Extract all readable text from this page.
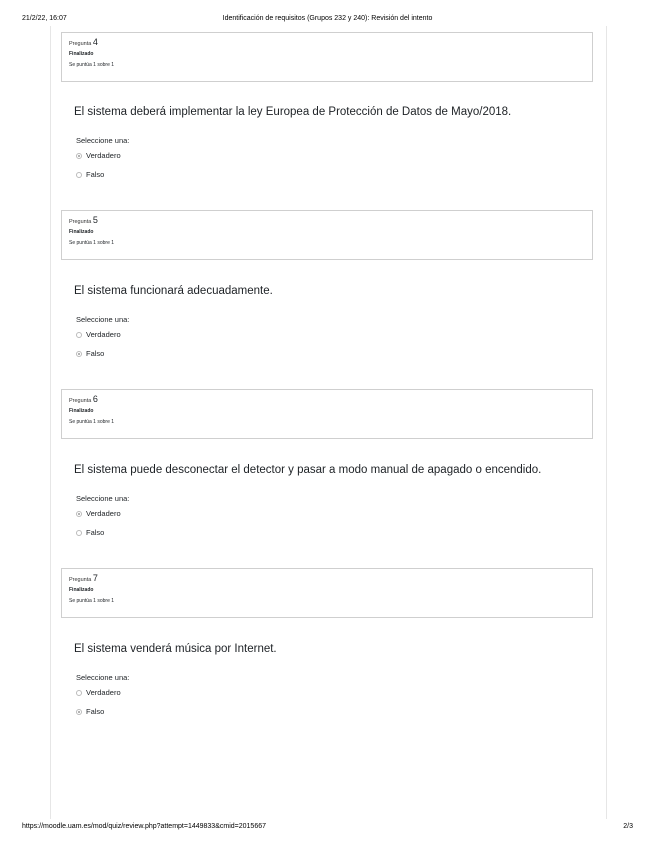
21/2/22, 16:07	Identificación de requisitos (Grupos 232 y 240): Revisión del intento
Pregunta 4
Finalizado
Se puntúa 1 sobre 1
El sistema deberá implementar la ley Europea de Protección de Datos de Mayo/2018.
Seleccione una:
Verdadero
Falso
Pregunta 5
Finalizado
Se puntúa 1 sobre 1
El sistema funcionará adecuadamente.
Seleccione una:
Verdadero
Falso
Pregunta 6
Finalizado
Se puntúa 1 sobre 1
El sistema puede desconectar el detector y pasar a modo manual de apagado o encendido.
Seleccione una:
Verdadero
Falso
Pregunta 7
Finalizado
Se puntúa 1 sobre 1
El sistema venderá música por Internet.
Seleccione una:
Verdadero
Falso
https://moodle.uam.es/mod/quiz/review.php?attempt=1449833&cmid=2015667	2/3
